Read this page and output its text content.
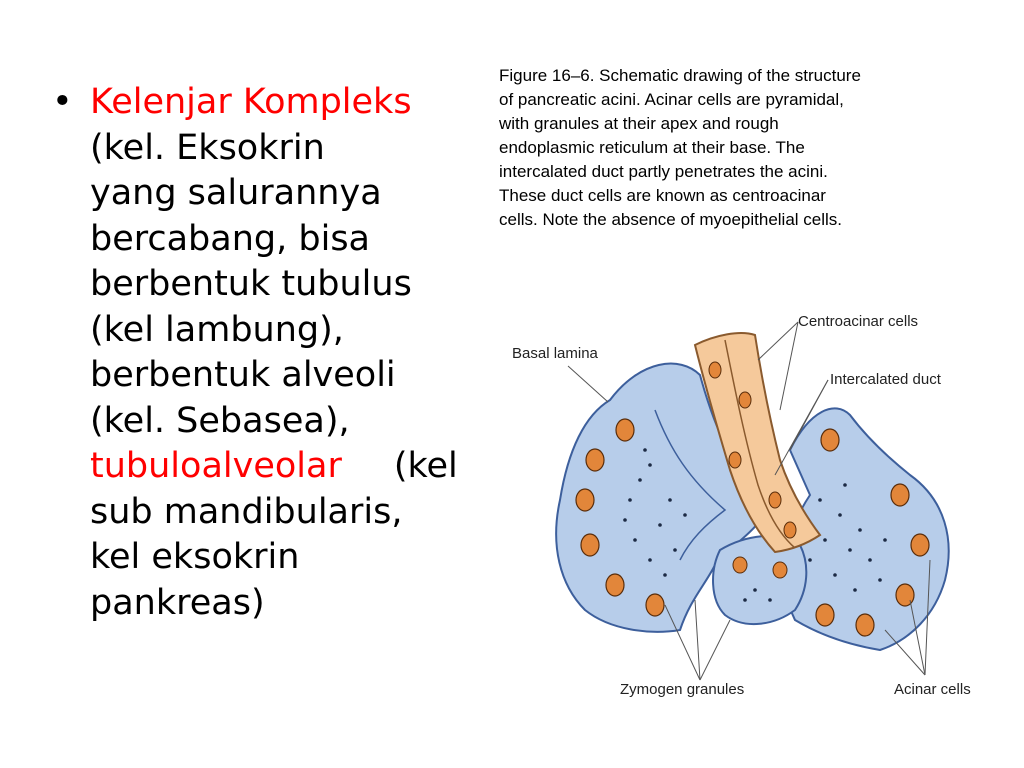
• Kelenjar Kompleks
(kel. Eksokrin
yang salurannya
bercabang, bisa
berbentuk tubulus
(kel lambung),
berbentuk alveoli
(kel. Sebasea),
tubuloalveolar (kel
sub mandibularis,
kel eksokrin
pankreas)
Figure 16–6. Schematic drawing of the structure
of pancreatic acini. Acinar cells are pyramidal,
with granules at their apex and rough
endoplasmic reticulum at their base. The
intercalated duct partly penetrates the acini.
These duct cells are known as centroacinar
cells. Note the absence of myoepithelial cells.
Basal lamina
Centroacinar cells
Intercalated duct
Zymogen granules	Acinar cells
